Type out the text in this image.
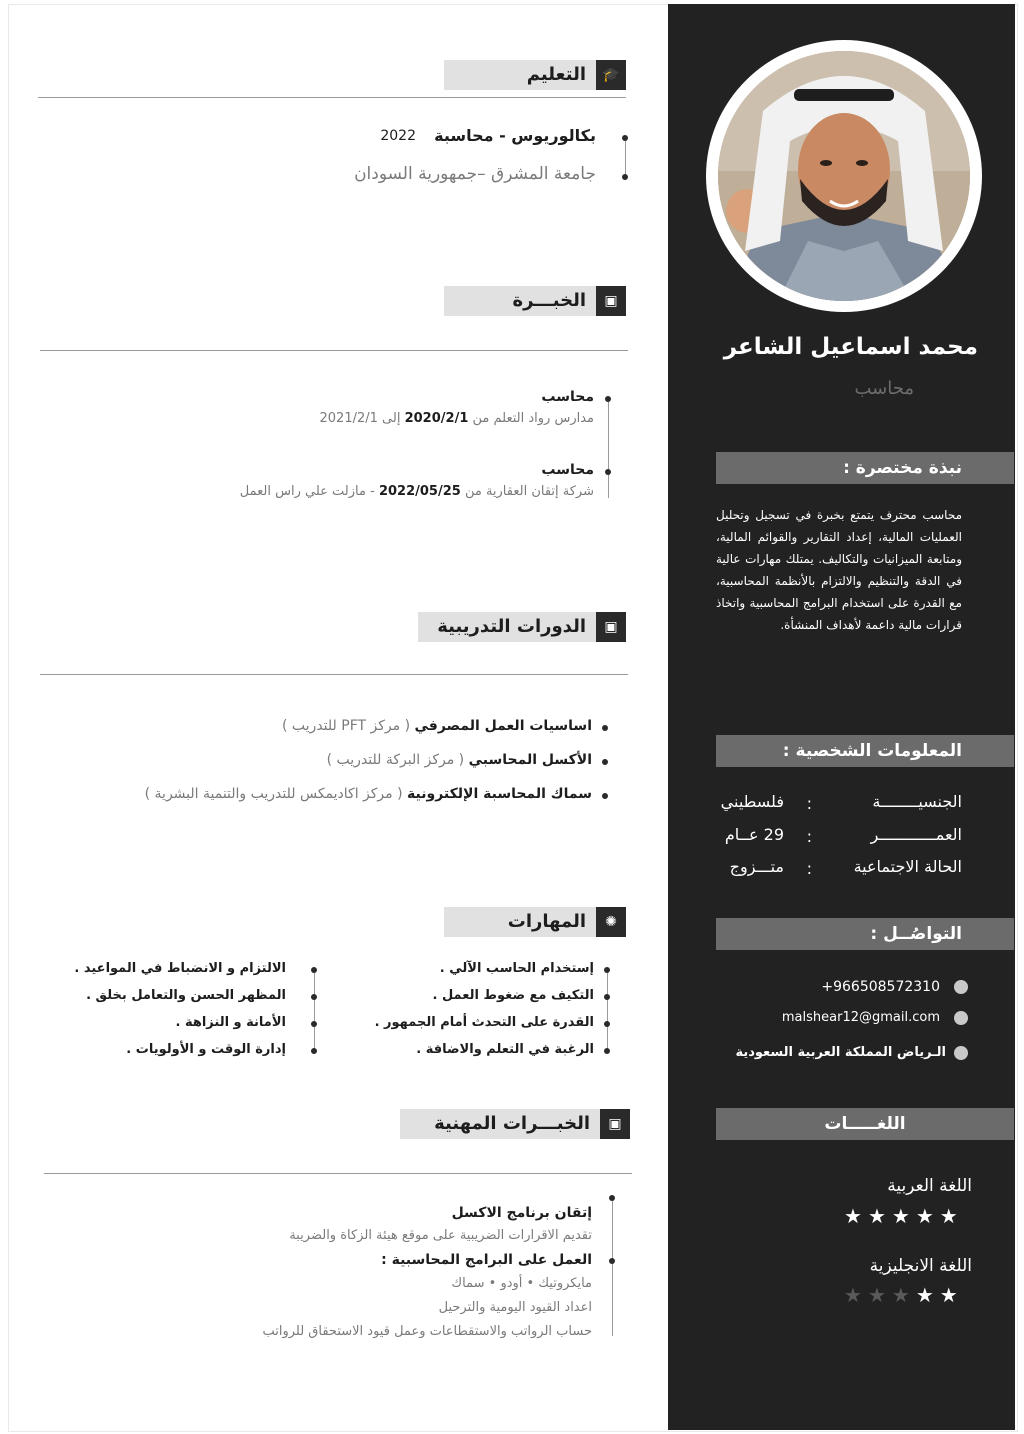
محمد اسماعيل الشاعر
محاسب
نبذة مختصرة :
محاسب محترف يتمتع بخبرة في تسجيل وتحليل العمليات المالية، إعداد التقارير والقوائم المالية، ومتابعة الميزانيات والتكاليف. يمتلك مهارات عالية في الدقة والتنظيم والالتزام بالأنظمة المحاسبية، مع القدرة على استخدام البرامج المحاسبية واتخاذ قرارات مالية داعمة لأهداف المنشأة.
المعلومات الشخصية :
الجنسيــــــــة
:
فلسطيني
العمــــــــــــر
:
29 عــام
الحالة الاجتماعية
:
متـــزوج
التواصُــل :
+966508572310
malshear12@gmail.com
الـرياض المملكة العربية السعودية
اللغـــــات
اللغة العربية
★★★★★
اللغة الانجليزية
★★★★★
التعليم	🎓
بكالوريوس - محاسبة
2022
جامعة المشرق –جمهورية السودان
الخبـــرة	▣
محاسب
مدارس رواد التعلم من 2020/2/1 إلى 2021/2/1
محاسب
شركة إتقان العقارية من 2022/05/25 - مازلت علي راس العمل
الدورات التدريبية	▣
اساسيات العمل المصرفي ( مركز PFT للتدريب )
الأكسل المحاسبي ( مركز البركة للتدريب )
سماك المحاسبة الإلكترونية ( مركز اكاديمكس للتدريب والتنمية البشرية )
المهارات	✺
إستخدام الحاسب الآلي .
التكيف مع ضغوط العمل .
القدرة على التحدث أمام الجمهور .
الرغبة في التعلم والاضافة .
الالتزام و الانضباط في المواعيد .
المظهر الحسن والتعامل بخلق .
الأمانة و النزاهة .
إدارة الوقت و الأولويات .
الخبـــرات المهنية	▣
إتقان برنامج الاكسل
تقديم الاقرارات الضريبية على موقع هيئة الزكاة والضريبة
العمل على البرامج المحاسبية :
مايكروتيك • أودو • سماك
اعداد القيود اليومية والترحيل
حساب الرواتب والاستقطاعات وعمل قيود الاستحقاق للرواتب
